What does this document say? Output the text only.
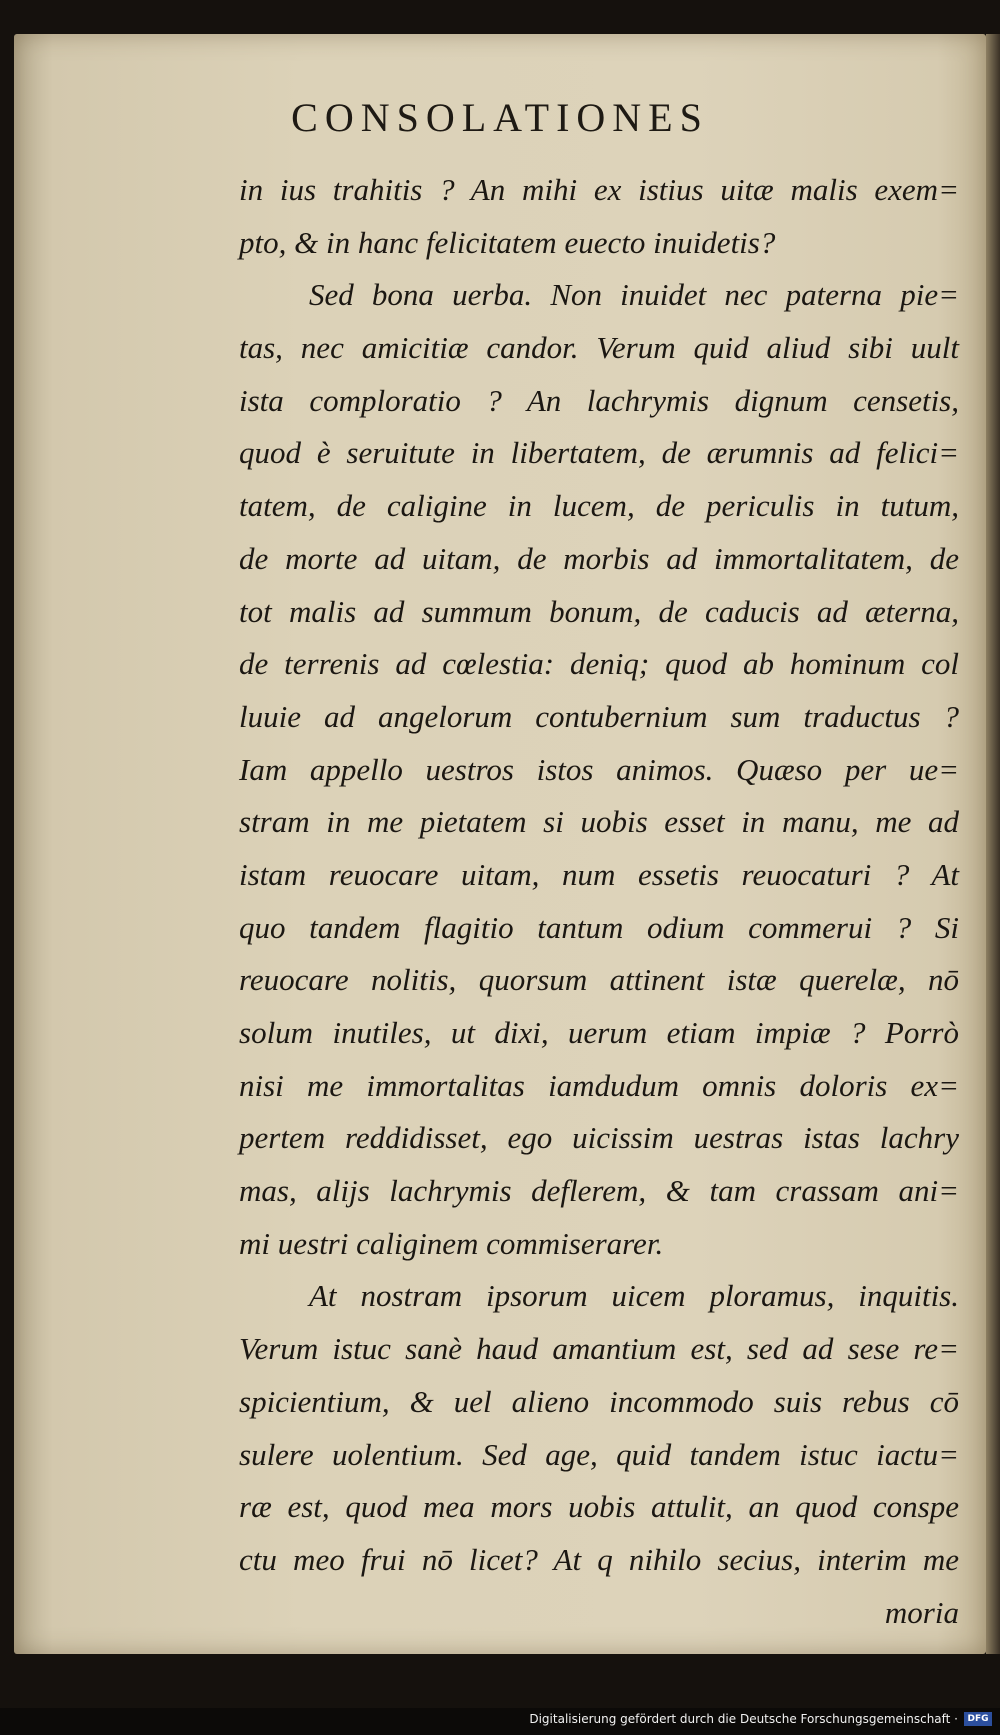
CONSOLATIONES
in ius trahitis ? An mihi ex istius uitæ malis exem=
pto, & in hanc felicitatem euecto inuidetis?
Sed bona uerba. Non inuidet nec paterna pie=
tas, nec amicitiæ candor. Verum quid aliud sibi uult
ista comploratio ? An lachrymis dignum censetis,
quod è seruitute in libertatem, de ærumnis ad felici=
tatem, de caligine in lucem, de periculis in tutum,
de morte ad uitam, de morbis ad immortalitatem, de
tot malis ad summum bonum, de caducis ad æterna,
de terrenis ad cœlestia: deniq; quod ab hominum col
luuie ad angelorum contubernium sum traductus ?
Iam appello uestros istos animos. Quæso per ue=
stram in me pietatem si uobis esset in manu, me ad
istam reuocare uitam, num essetis reuocaturi ? At
quo tandem flagitio tantum odium commerui ? Si
reuocare nolitis, quorsum attinent istæ querelæ, nō
solum inutiles, ut dixi, uerum etiam impiæ ? Porrò
nisi me immortalitas iamdudum omnis doloris ex=
pertem reddidisset, ego uicissim uestras istas lachry
mas, alijs lachrymis deflerem, & tam crassam ani=
mi uestri caliginem commiserarer.
At nostram ipsorum uicem ploramus, inquitis.
Verum istuc sanè haud amantium est, sed ad sese re=
spicientium, & uel alieno incommodo suis rebus cō
sulere uolentium. Sed age, quid tandem istuc iactu=
ræ est, quod mea mors uobis attulit, an quod conspe
ctu meo frui nō licet? At q nihilo secius, interim me
moria
Digitalisierung gefördert durch die Deutsche Forschungsgemeinschaft ·	DFG
